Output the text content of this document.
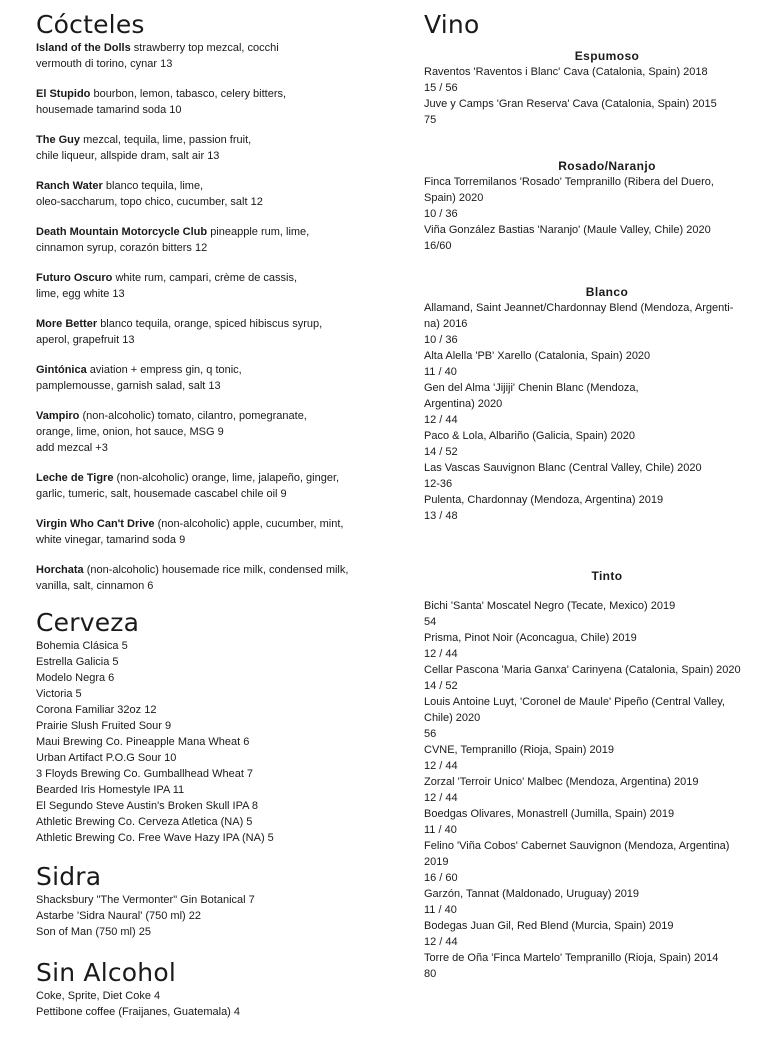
Cócteles
Island of the Dolls strawberry top mezcal, cocchi
vermouth di torino, cynar 13
El Stupido bourbon, lemon, tabasco, celery bitters,
housemade tamarind soda 10
The Guy mezcal, tequila, lime, passion fruit,
chile liqueur, allspide dram, salt air 13
Ranch Water blanco tequila, lime,
oleo-saccharum, topo chico, cucumber, salt 12
Death Mountain Motorcycle Club pineapple rum, lime,
cinnamon syrup, corazón bitters 12
Futuro Oscuro white rum, campari, crème de cassis,
lime, egg white 13
More Better blanco tequila, orange, spiced hibiscus syrup,
aperol, grapefruit 13
Gintónica aviation + empress gin, q tonic,
pamplemousse, garnish salad, salt 13
Vampiro (non-alcoholic) tomato, cilantro, pomegranate,
orange, lime, onion, hot sauce, MSG 9
add mezcal +3
Leche de Tigre (non-alcoholic) orange, lime, jalapeño, ginger,
garlic, tumeric, salt, housemade cascabel chile oil 9
Virgin Who Can't Drive (non-alcoholic) apple, cucumber, mint,
white vinegar, tamarind soda 9
Horchata (non-alcoholic) housemade rice milk, condensed milk,
vanilla, salt, cinnamon 6
Cerveza
Bohemia Clásica 5
Estrella Galicia 5
Modelo Negra 6
Victoria 5
Corona Familiar 32oz 12
Prairie Slush Fruited Sour 9
Maui Brewing Co. Pineapple Mana Wheat 6
Urban Artifact P.O.G Sour 10
3 Floyds Brewing Co. Gumballhead Wheat 7
Bearded Iris Homestyle IPA 11
El Segundo Steve Austin's Broken Skull IPA 8
Athletic Brewing Co. Cerveza Atletica (NA) 5
Athletic Brewing Co. Free Wave Hazy IPA (NA) 5
Sidra
Shacksbury "The Vermonter" Gin Botanical 7
Astarbe 'Sidra Naural' (750 ml) 22
Son of Man (750 ml) 25
Sin Alcohol
Coke, Sprite, Diet Coke 4
Pettibone coffee (Fraijanes, Guatemala) 4
Vino
Espumoso
Raventos 'Raventos i Blanc' Cava (Catalonia, Spain) 2018
15 / 56
Juve y Camps 'Gran Reserva' Cava (Catalonia, Spain) 2015
75
Rosado/Naranjo
Finca Torremilanos 'Rosado' Tempranillo (Ribera del Duero,
Spain) 2020
10 / 36
Viña González Bastias 'Naranjo' (Maule Valley, Chile) 2020
16/60
Blanco
Allamand, Saint Jeannet/Chardonnay Blend (Mendoza, Argenti-
na) 2016
10 / 36
Alta Alella 'PB' Xarello (Catalonia, Spain) 2020
11 / 40
Gen del Alma 'Jijiji' Chenin Blanc (Mendoza,
Argentina) 2020
12 / 44
Paco & Lola, Albariño (Galicia, Spain) 2020
14 / 52
Las Vascas Sauvignon Blanc (Central Valley, Chile) 2020
12-36
Pulenta, Chardonnay (Mendoza, Argentina) 2019
13 / 48
Tinto
Bichi 'Santa' Moscatel Negro (Tecate, Mexico) 2019
54
Prisma, Pinot Noir (Aconcagua, Chile) 2019
12 / 44
Cellar Pascona 'Maria Ganxa' Carinyena (Catalonia, Spain) 2020
14 / 52
Louis Antoine Luyt, 'Coronel de Maule' Pipeño (Central Valley,
Chile) 2020
56
CVNE, Tempranillo (Rioja, Spain) 2019
12 / 44
Zorzal 'Terroir Unico' Malbec (Mendoza, Argentina) 2019
12 / 44
Boedgas Olivares, Monastrell (Jumilla, Spain) 2019
11 / 40
Felino 'Viña Cobos' Cabernet Sauvignon (Mendoza, Argentina)
2019
16 / 60
Garzón, Tannat (Maldonado, Uruguay) 2019
11 / 40
Bodegas Juan Gil, Red Blend (Murcia, Spain) 2019
12 / 44
Torre de Oña 'Finca Martelo' Tempranillo (Rioja, Spain) 2014
80
